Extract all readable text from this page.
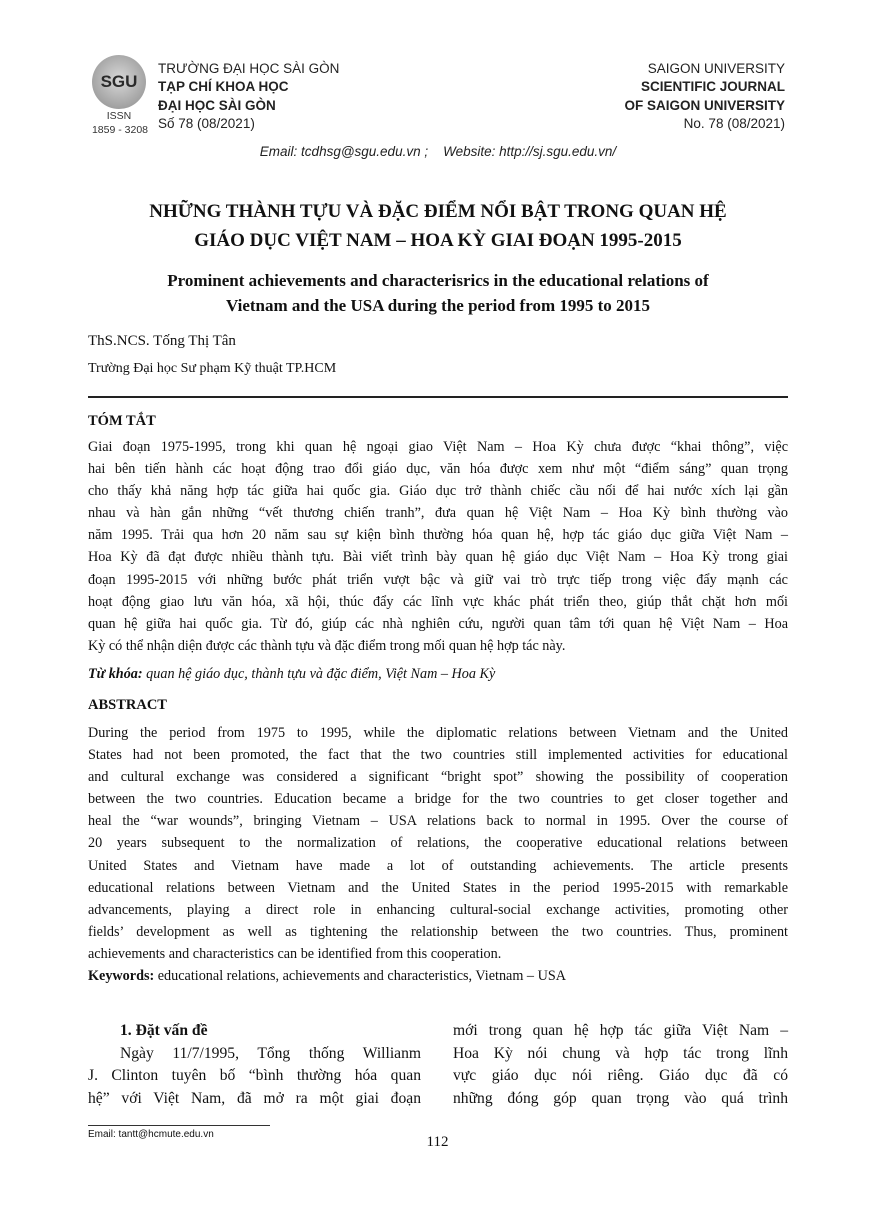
SGU
ISSN
1859 - 3208
TRƯỜNG ĐẠI HỌC SÀI GÒN
TẠP CHÍ KHOA HỌC
ĐẠI HỌC SÀI GÒN
Số 78 (08/2021)
SAIGON UNIVERSITY
SCIENTIFIC JOURNAL
OF SAIGON UNIVERSITY
No. 78 (08/2021)
Email: tcdhsg@sgu.edu.vn ;    Website: http://sj.sgu.edu.vn/
NHỮNG THÀNH TỰU VÀ ĐẶC ĐIỂM NỔI BẬT TRONG QUAN HỆ
GIÁO DỤC VIỆT NAM – HOA KỲ GIAI ĐOẠN 1995-2015
Prominent achievements and characterisrics in the educational relations of
Vietnam and the USA during the period from 1995 to 2015
ThS.NCS. Tống Thị Tân
Trường Đại học Sư phạm Kỹ thuật TP.HCM
TÓM TẮT
Giai đoạn 1975-1995, trong khi quan hệ ngoại giao Việt Nam – Hoa Kỳ chưa được “khai thông”, việc
hai bên tiến hành các hoạt động trao đổi giáo dục, văn hóa được xem như một “điểm sáng” quan trọng
cho thấy khả năng hợp tác giữa hai quốc gia. Giáo dục trở thành chiếc cầu nối để hai nước xích lại gần
nhau và hàn gắn những “vết thương chiến tranh”, đưa quan hệ Việt Nam – Hoa Kỳ bình thường vào
năm 1995. Trải qua hơn 20 năm sau sự kiện bình thường hóa quan hệ, hợp tác giáo dục giữa Việt Nam –
Hoa Kỳ đã đạt được nhiều thành tựu. Bài viết trình bày quan hệ giáo dục Việt Nam – Hoa Kỳ trong giai
đoạn 1995-2015 với những bước phát triển vượt bậc và giữ vai trò trực tiếp trong việc đẩy mạnh các
hoạt động giao lưu văn hóa, xã hội, thúc đẩy các lĩnh vực khác phát triển theo, giúp thắt chặt hơn mối
quan hệ giữa hai quốc gia. Từ đó, giúp các nhà nghiên cứu, người quan tâm tới quan hệ Việt Nam – Hoa
Kỳ có thể nhận diện được các thành tựu và đặc điểm trong mối quan hệ hợp tác này.
Từ khóa: quan hệ giáo dục, thành tựu và đặc điểm, Việt Nam – Hoa Kỳ
ABSTRACT
During the period from 1975 to 1995, while the diplomatic relations between Vietnam and the United
States had not been promoted, the fact that the two countries still implemented activities for educational
and cultural exchange was considered a significant “bright spot” showing the possibility of cooperation
between the two countries. Education became a bridge for the two countries to get closer together and
heal the “war wounds”, bringing Vietnam – USA relations back to normal in 1995. Over the course of
20 years subsequent to the normalization of relations, the cooperative educational relations between
United States and Vietnam have made a lot of outstanding achievements. The article presents
educational relations between Vietnam and the United States in the period 1995-2015 with remarkable
advancements, playing a direct role in enhancing cultural-social exchange activities, promoting other
fields’ development as well as tightening the relationship between the two countries. Thus, prominent
achievements and characteristics can be identified from this cooperation.
Keywords: educational relations, achievements and characteristics, Vietnam – USA
1. Đặt vấn đề
Ngày 11/7/1995, Tổng thống Willianm
J. Clinton tuyên bố “bình thường hóa quan
hệ” với Việt Nam, đã mở ra một giai đoạn
mới trong quan hệ hợp tác giữa Việt Nam –
Hoa Kỳ nói chung và hợp tác trong lĩnh
vực giáo dục nói riêng. Giáo dục đã có
những đóng góp quan trọng vào quá trình
Email: tantt@hcmute.edu.vn	112
